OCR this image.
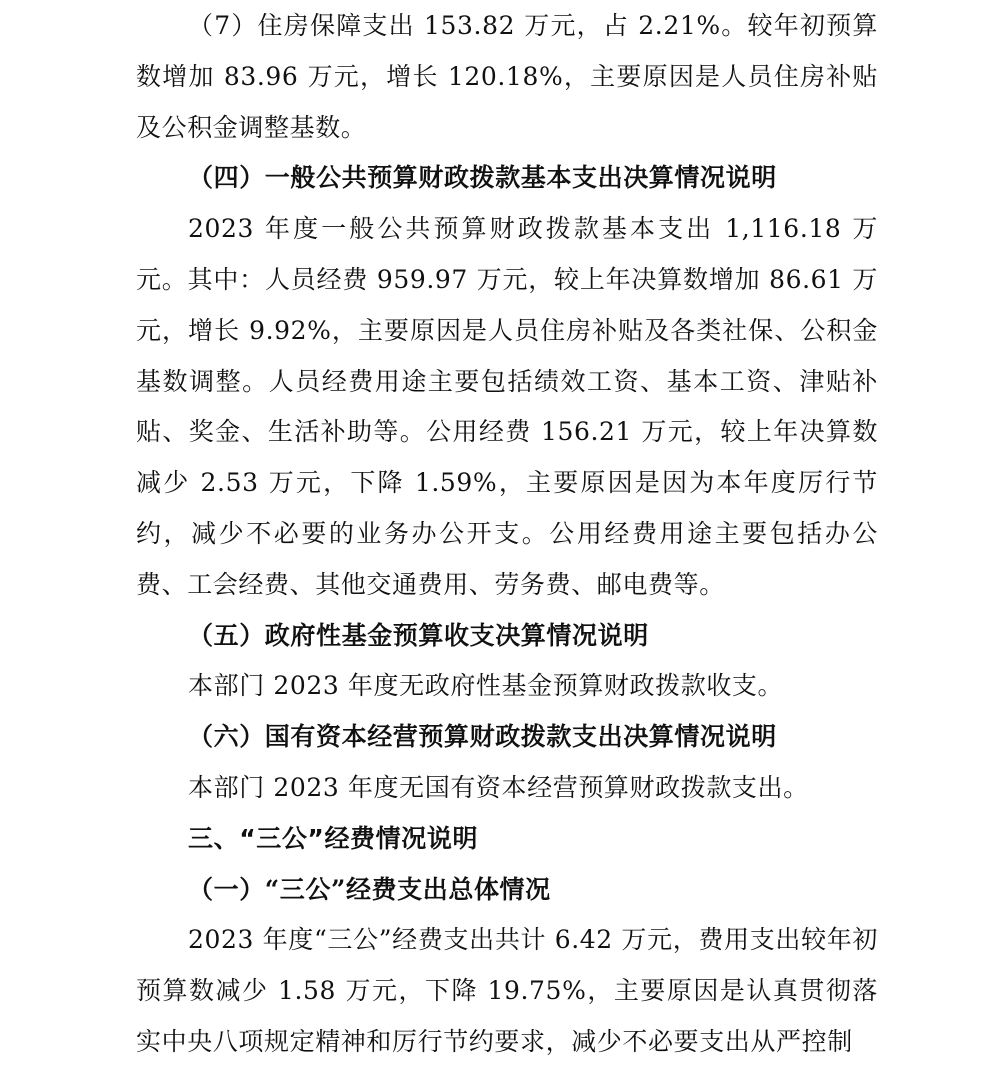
（7）住房保障支出 153.82 万元，占 2.21%。较年初预算数增加 83.96 万元，增长 120.18%，主要原因是人员住房补贴及公积金调整基数。

（四）一般公共预算财政拨款基本支出决算情况说明

2023 年度一般公共预算财政拨款基本支出 1,116.18 万元。其中：人员经费 959.97 万元，较上年决算数增加 86.61 万元，增长 9.92%，主要原因是人员住房补贴及各类社保、公积金基数调整。人员经费用途主要包括绩效工资、基本工资、津贴补贴、奖金、生活补助等。公用经费 156.21 万元，较上年决算数减少 2.53 万元，下降 1.59%，主要原因是因为本年度厉行节约，减少不必要的业务办公开支。公用经费用途主要包括办公费、工会经费、其他交通费用、劳务费、邮电费等。

（五）政府性基金预算收支决算情况说明

本部门 2023 年度无政府性基金预算财政拨款收支。

（六）国有资本经营预算财政拨款支出决算情况说明

本部门 2023 年度无国有资本经营预算财政拨款支出。

三、“三公”经费情况说明

（一）“三公”经费支出总体情况

2023 年度“三公”经费支出共计 6.42 万元，费用支出较年初预算数减少 1.58 万元，下降 19.75%，主要原因是认真贯彻落实中央八项规定精神和厉行节约要求，减少不必要支出从严控制
